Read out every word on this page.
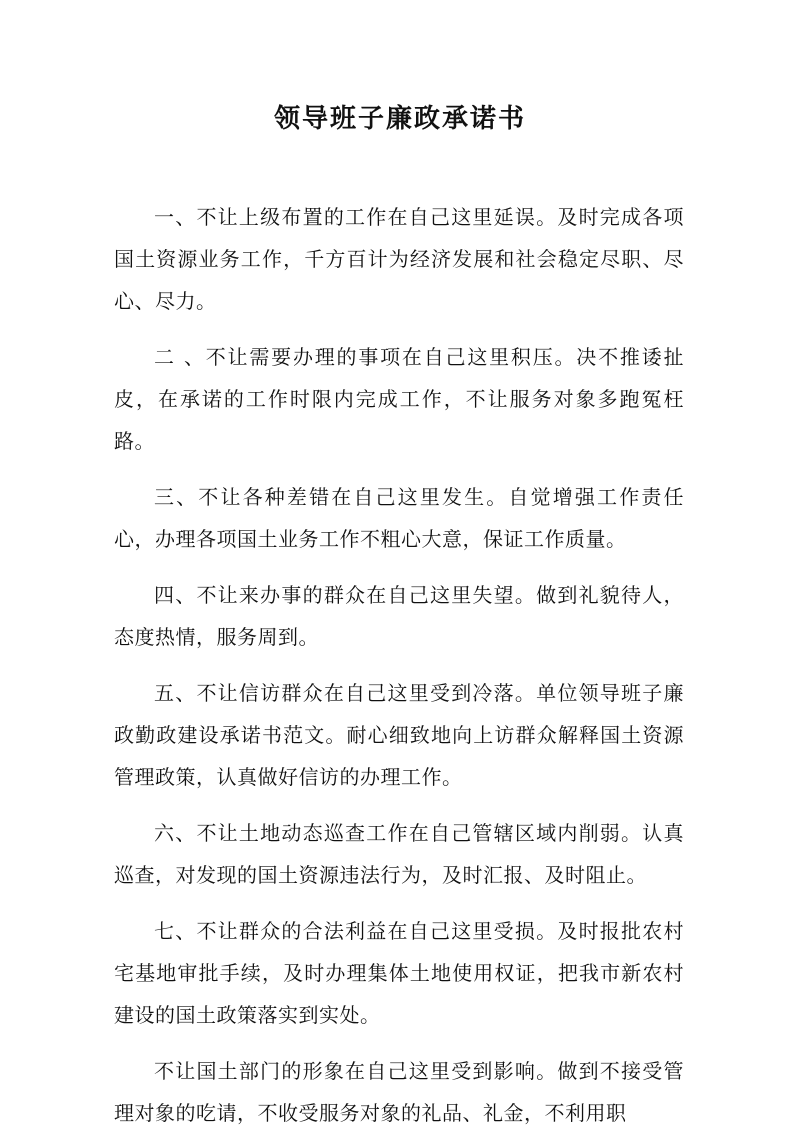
领导班子廉政承诺书

一、不让上级布置的工作在自己这里延误。及时完成各项国土资源业务工作，千方百计为经济发展和社会稳定尽职、尽心、尽力。

二 、不让需要办理的事项在自己这里积压。决不推诿扯皮，在承诺的工作时限内完成工作，不让服务对象多跑冤枉路。

三、不让各种差错在自己这里发生。自觉增强工作责任心，办理各项国土业务工作不粗心大意，保证工作质量。

四、不让来办事的群众在自己这里失望。做到礼貌待人，态度热情，服务周到。

五、不让信访群众在自己这里受到冷落。单位领导班子廉政勤政建设承诺书范文。耐心细致地向上访群众解释国土资源管理政策，认真做好信访的办理工作。

六、不让土地动态巡查工作在自己管辖区域内削弱。认真巡查，对发现的国土资源违法行为，及时汇报、及时阻止。

七、不让群众的合法利益在自己这里受损。及时报批农村宅基地审批手续，及时办理集体土地使用权证，把我市新农村建设的国土政策落实到实处。

不让国土部门的形象在自己这里受到影响。做到不接受管理对象的吃请，不收受服务对象的礼品、礼金，不利用职
